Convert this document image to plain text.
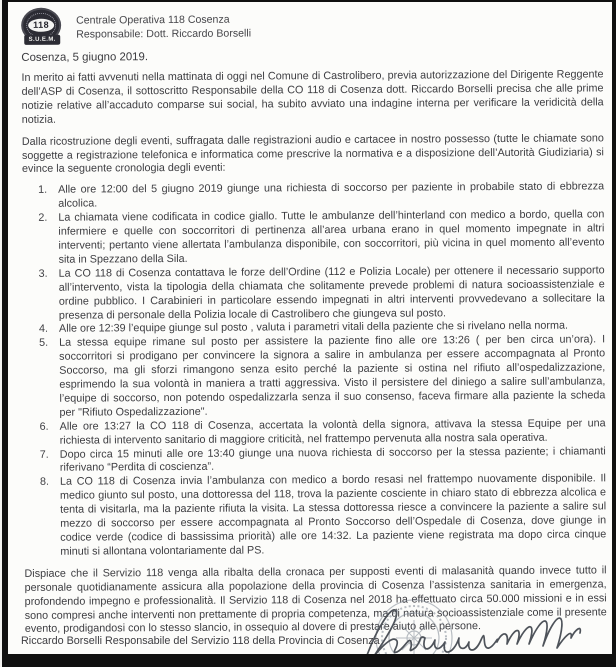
118
S.U.E.M.
Centrale Operativa 118 Cosenza
Responsabile: Dott. Riccardo Borselli
Cosenza, 5 giugno 2019.

In merito ai fatti avvenuti nella mattinata di oggi nel Comune di Castrolibero, previa autorizzazione del Dirigente Reggente dell’ASP di Cosenza, il sottoscritto Responsabile della CO 118 di Cosenza dott. Riccardo Borselli precisa che alle prime notizie relative all’accaduto comparse sui social, ha subito avviato una indagine interna per verificare la veridicità della notizia.

Dalla ricostruzione degli eventi, suffragata dalle registrazioni audio e cartacee in nostro possesso (tutte le chiamate sono soggette a registrazione telefonica e informatica come prescrive la normativa e a disposizione dell’Autorità Giudiziaria) si evince la seguente cronologia degli eventi:

1.	Alle ore 12:00 del 5 giugno 2019 giunge una richiesta di soccorso per paziente in probabile stato di ebbrezza alcolica.
2.	La chiamata viene codificata in codice giallo. Tutte le ambulanze dell’hinterland con medico a bordo, quella con infermiere e quelle con soccorritori di pertinenza all’area urbana erano in quel momento impegnate in altri interventi; pertanto viene allertata l’ambulanza disponibile, con soccorritori, più vicina in quel momento all’evento sita in Spezzano della Sila.
3.	La CO 118 di Cosenza contattava le forze dell’Ordine (112 e Polizia Locale) per ottenere il necessario supporto all’intervento, vista la tipologia della chiamata che solitamente prevede problemi di natura socioassistenziale e ordine pubblico. I Carabinieri in particolare essendo impegnati in altri interventi provvedevano a sollecitare la presenza di personale della Polizia locale di Castrolibero che giungeva sul posto.
4.	Alle ore 12:39 l’equipe giunge sul posto , valuta i parametri vitali della paziente che si rivelano nella norma.
5.	La stessa equipe rimane sul posto per assistere la paziente fino alle ore 13:26 ( per ben circa un’ora). I soccorritori si prodigano per convincere la signora a salire in ambulanza per essere accompagnata al Pronto Soccorso, ma gli sforzi rimangono senza esito perché la paziente si ostina nel rifiuto all’ospedalizzazione, esprimendo la sua volontà in maniera a tratti aggressiva. Visto il persistere del diniego a salire sull’ambulanza, l’equipe di soccorso, non potendo ospedalizzarla senza il suo consenso, faceva firmare alla paziente la scheda per "Rifiuto Ospedalizzazione".
6.	Alle ore 13:27 la CO 118 di Cosenza, accertata la volontà della signora, attivava la stessa Equipe per una richiesta di intervento sanitario di maggiore criticità, nel frattempo pervenuta alla nostra sala operativa.
7.	Dopo circa 15 minuti alle ore 13:40 giunge una nuova richiesta di soccorso per la stessa paziente; i chiamanti riferivano “Perdita di coscienza”.
8.	La CO 118 di Cosenza invia l’ambulanza con medico a bordo resasi nel frattempo nuovamente disponibile. Il medico giunto sul posto, una dottoressa del 118, trova la paziente cosciente in chiaro stato di ebbrezza alcolica e tenta di visitarla, ma la paziente rifiuta la visita. La stessa dottoressa riesce a convincere la paziente a salire sul mezzo di soccorso per essere accompagnata al Pronto Soccorso dell’Ospedale di Cosenza, dove giunge in codice verde (codice di bassissima priorità) alle ore 14:32. La paziente viene registrata ma dopo circa cinque minuti si allontana volontariamente dal PS.

Dispiace che il Servizio 118 venga alla ribalta della cronaca per supposti eventi di malasanità quando invece tutto il personale quotidianamente assicura alla popolazione della provincia di Cosenza l’assistenza sanitaria in emergenza, profondendo impegno e professionalità. Il Servizio 118 di Cosenza nel 2018 ha effettuato circa 50.000 missioni e in essi sono compresi anche interventi non prettamente di propria competenza, ma di natura socioassistenziale come il presente evento, prodigandosi con lo stesso slancio, in ossequio al dovere di prestare aiuto alle persone.

Riccardo Borselli Responsabile del Servizio 118 della Provincia di Cosenza
